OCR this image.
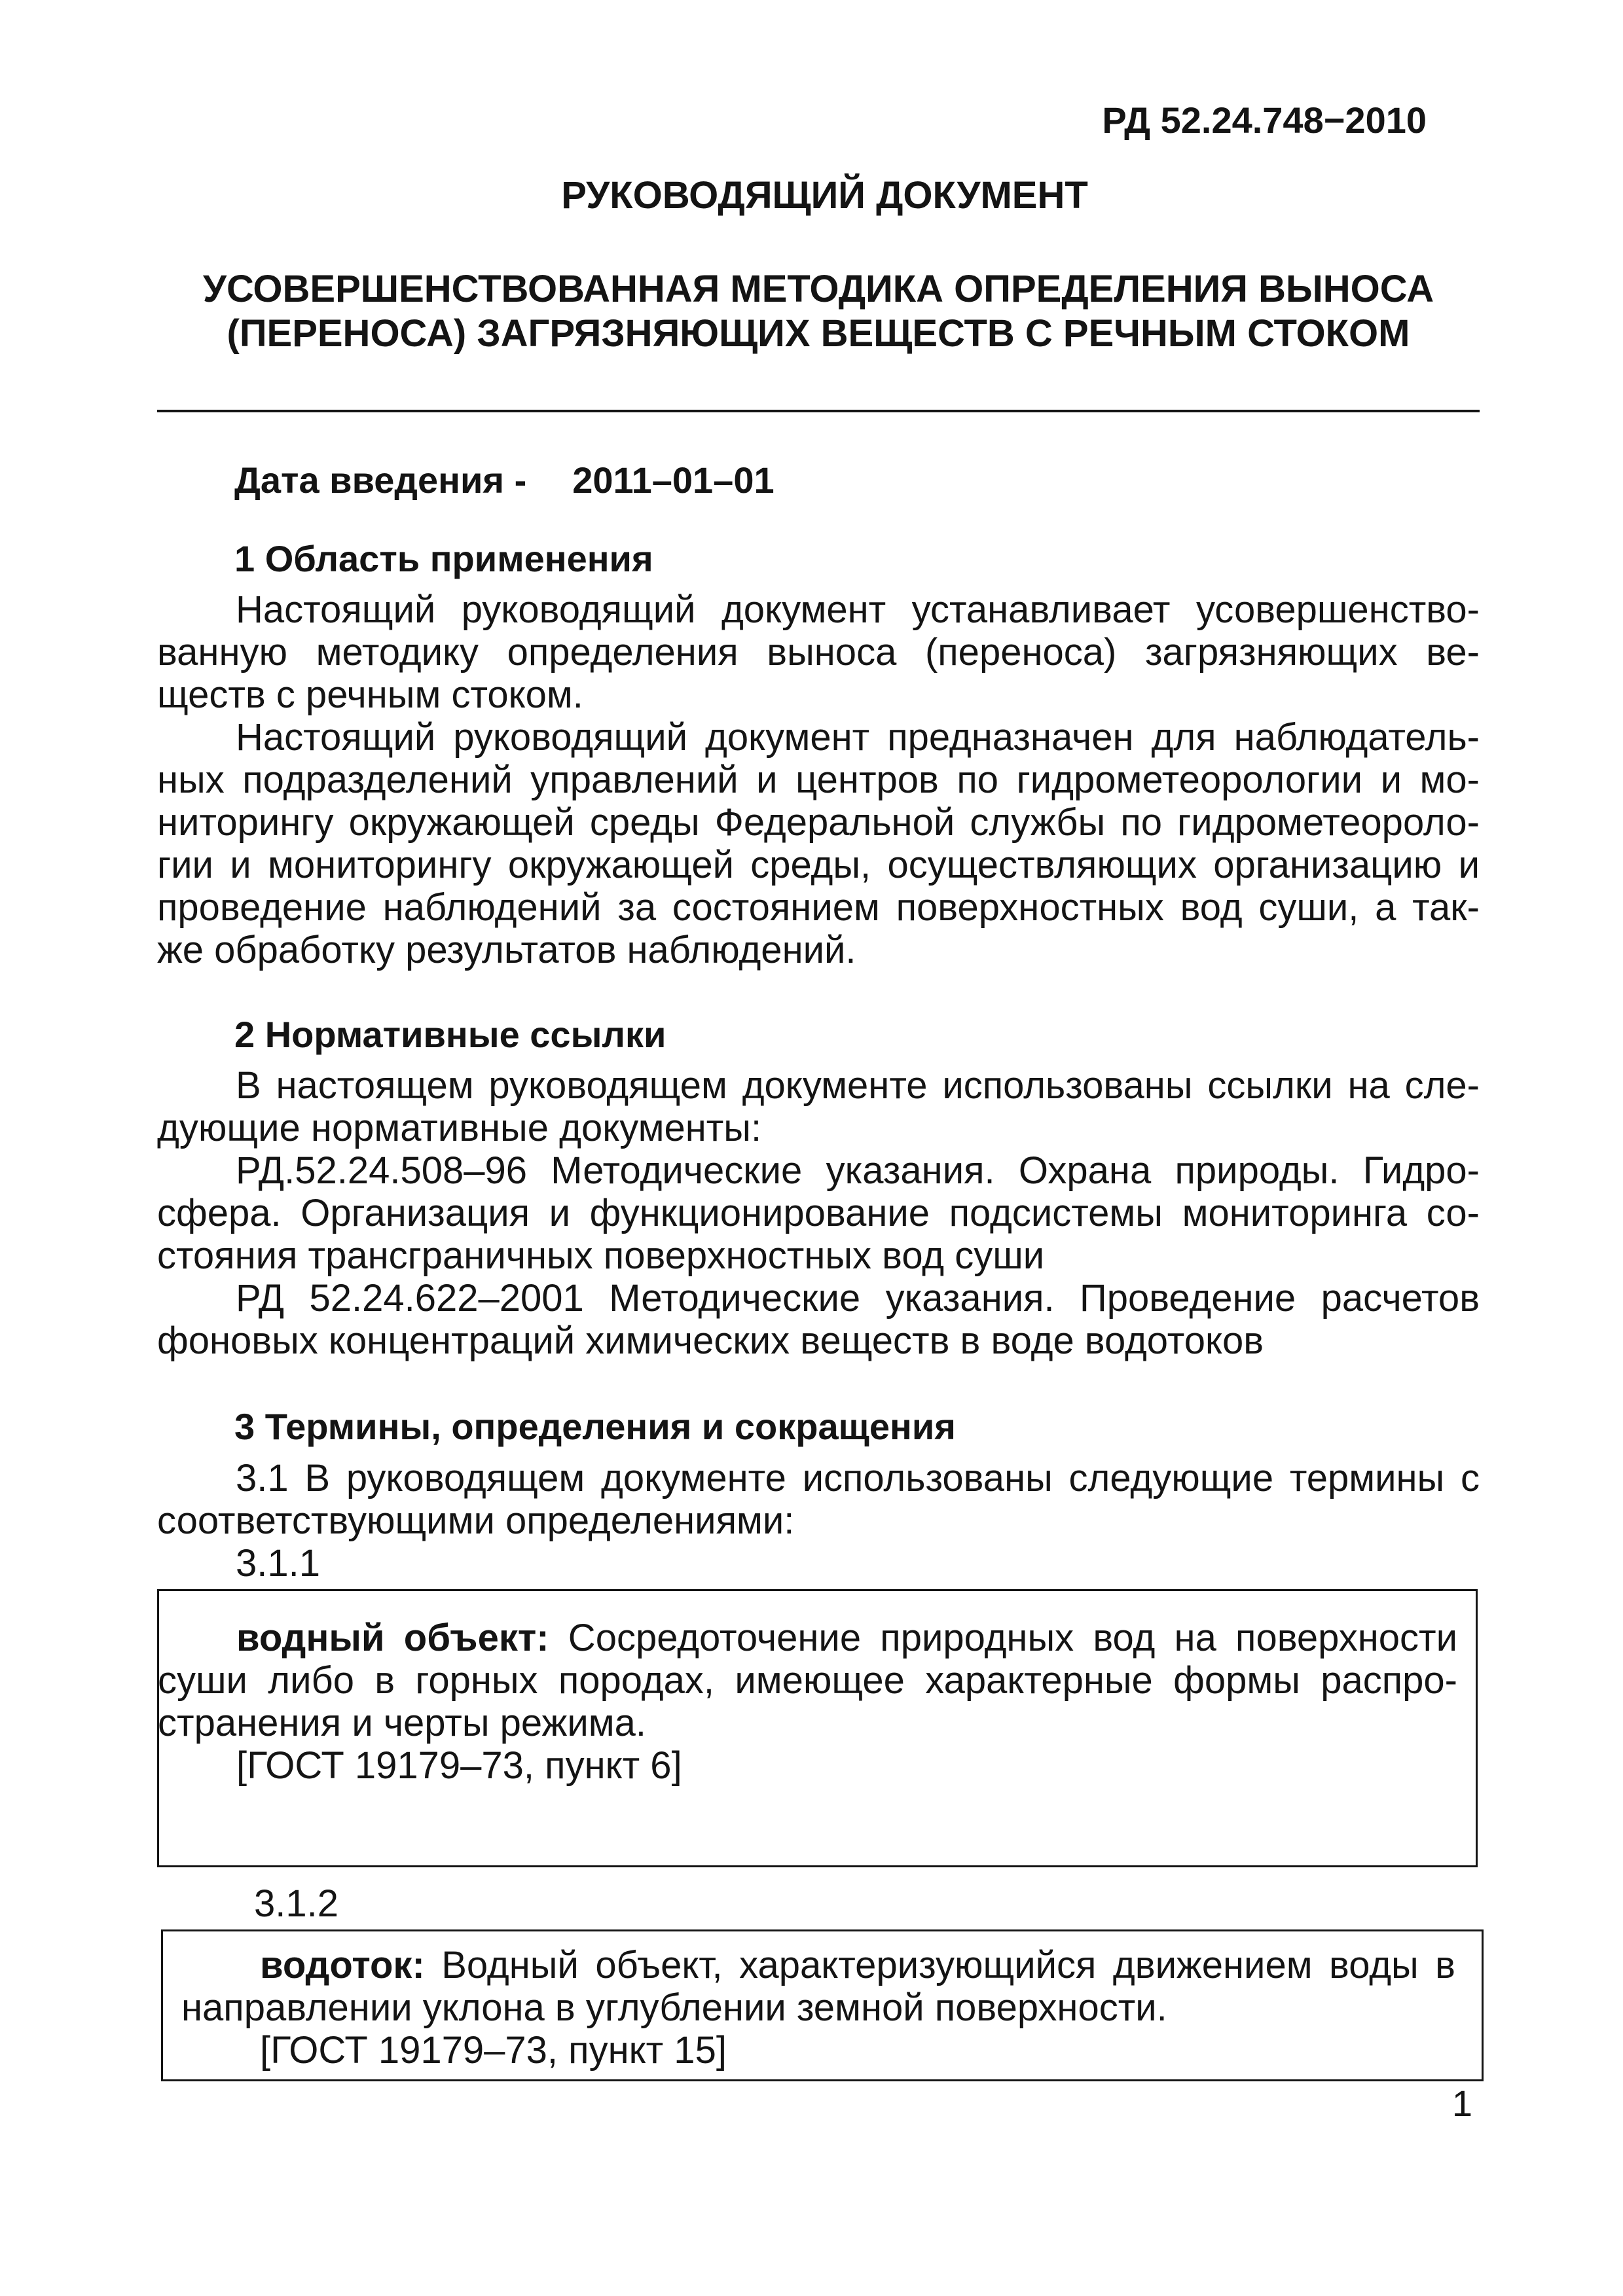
РД 52.24.748−2010
РУКОВОДЯЩИЙ ДОКУМЕНТ
УСОВЕРШЕНСТВОВАННАЯ МЕТОДИКА ОПРЕДЕЛЕНИЯ ВЫНОСА
(ПЕРЕНОСА) ЗАГРЯЗНЯЮЩИХ ВЕЩЕСТВ С РЕЧНЫМ СТОКОМ
Дата введения - 2011–01–01
1 Область применения
Настоящий руководящий документ устанавливает усовершенство-
ванную методику определения выноса (переноса) загрязняющих ве-
ществ с речным стоком.
Настоящий руководящий документ предназначен для наблюдатель-
ных подразделений управлений и центров по гидрометеорологии и мо-
ниторингу окружающей среды Федеральной службы по гидрометеороло-
гии и мониторингу окружающей среды, осуществляющих организацию и
проведение наблюдений за состоянием поверхностных вод суши, а так-
же обработку результатов наблюдений.
2 Нормативные ссылки
В настоящем руководящем документе использованы ссылки на сле-
дующие нормативные документы:
РД.52.24.508–96 Методические указания. Охрана природы. Гидро-
сфера. Организация и функционирование подсистемы мониторинга со-
стояния трансграничных поверхностных вод суши
РД 52.24.622–2001 Методические указания. Проведение расчетов
фоновых концентраций химических веществ в воде водотоков
3 Термины, определения и сокращения
3.1 В руководящем документе использованы следующие термины с
соответствующими определениями:
3.1.1
водный объект: Сосредоточение природных вод на поверхности
суши либо в горных породах, имеющее характерные формы распро-
странения и черты режима.
[ГОСТ 19179–73, пункт 6]
3.1.2
водоток: Водный объект, характеризующийся движением воды в
направлении уклона в углублении земной поверхности.
[ГОСТ 19179–73, пункт 15]
1
